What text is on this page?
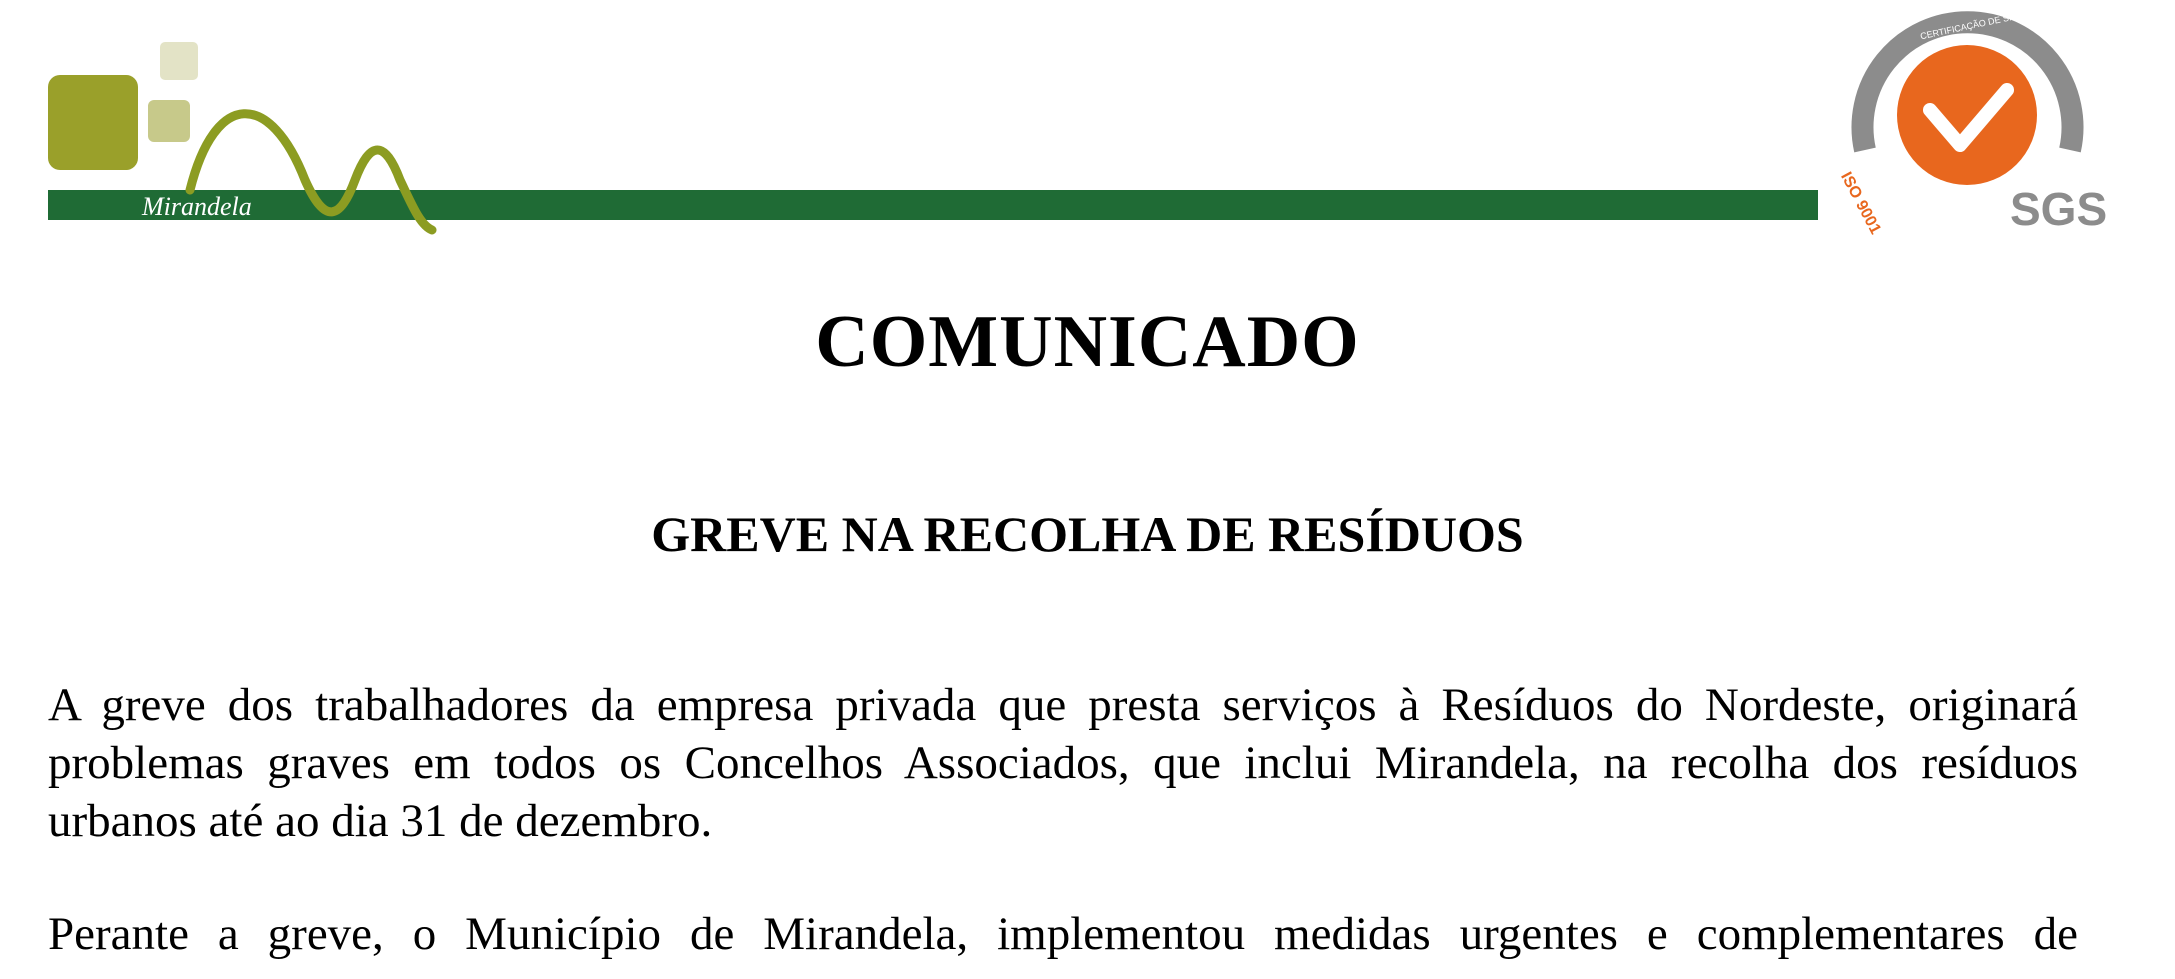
Mirandela	SGS
ISO 9001
CERTIFICAÇÃO DE SISTEMAS
COMUNICADO
GREVE NA RECOLHA DE RESÍDUOS
A greve dos trabalhadores da empresa privada que presta serviços à Resíduos do Nordeste, originará problemas graves em todos os Concelhos Associados, que inclui Mirandela, na recolha dos resíduos urbanos até ao dia 31 de dezembro.
Perante a greve, o Município de Mirandela, implementou medidas urgentes e complementares de
